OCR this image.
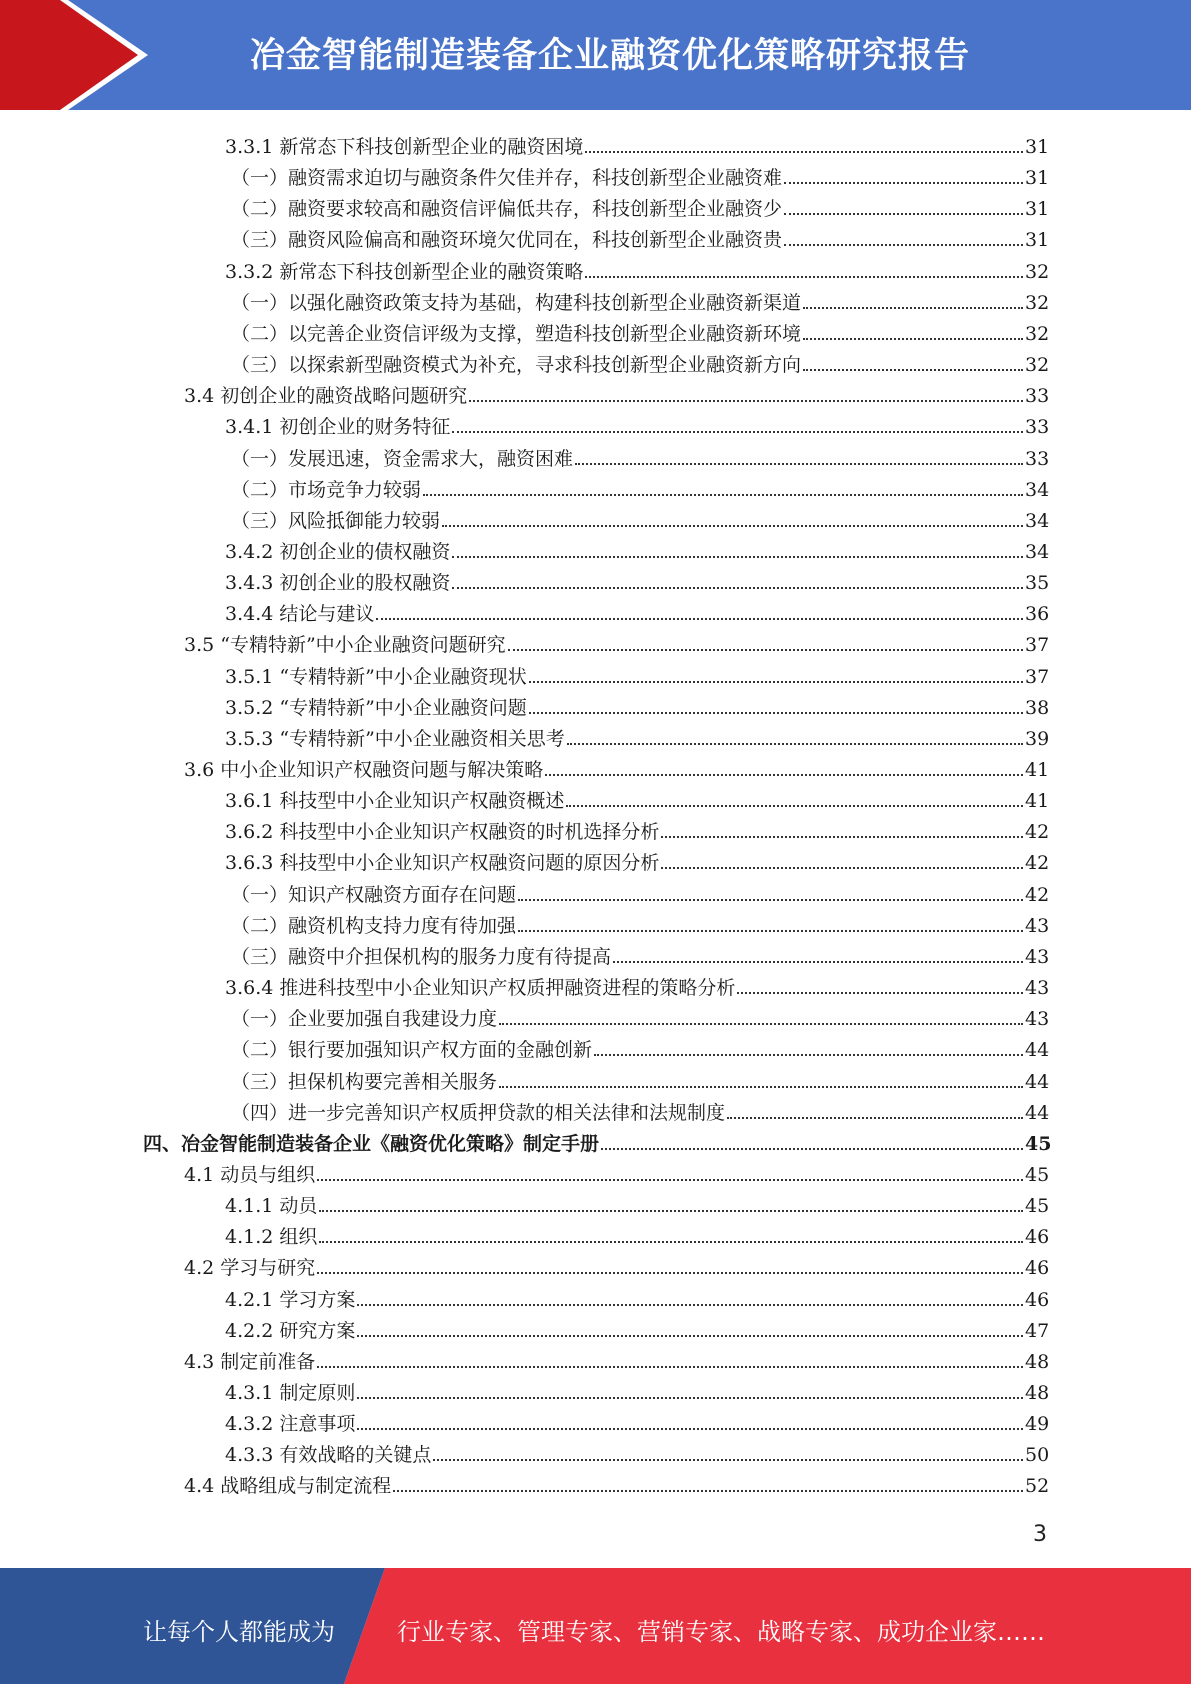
冶金智能制造装备企业融资优化策略研究报告
3.3.1 新常态下科技创新型企业的融资困境	31
（一）融资需求迫切与融资条件欠佳并存，科技创新型企业融资难	31
（二）融资要求较高和融资信评偏低共存，科技创新型企业融资少	31
（三）融资风险偏高和融资环境欠优同在，科技创新型企业融资贵	31
3.3.2 新常态下科技创新型企业的融资策略	32
（一）以强化融资政策支持为基础，构建科技创新型企业融资新渠道	32
（二）以完善企业资信评级为支撑，塑造科技创新型企业融资新环境	32
（三）以探索新型融资模式为补充，寻求科技创新型企业融资新方向	32
3.4 初创企业的融资战略问题研究	33
3.4.1 初创企业的财务特征	33
（一）发展迅速，资金需求大，融资困难	33
（二）市场竞争力较弱	34
（三）风险抵御能力较弱	34
3.4.2 初创企业的债权融资	34
3.4.3 初创企业的股权融资	35
3.4.4 结论与建议	36
3.5 “专精特新”中小企业融资问题研究	37
3.5.1 “专精特新”中小企业融资现状	37
3.5.2 “专精特新”中小企业融资问题	38
3.5.3 “专精特新”中小企业融资相关思考	39
3.6 中小企业知识产权融资问题与解决策略	41
3.6.1 科技型中小企业知识产权融资概述	41
3.6.2 科技型中小企业知识产权融资的时机选择分析	42
3.6.3 科技型中小企业知识产权融资问题的原因分析	42
（一）知识产权融资方面存在问题	42
（二）融资机构支持力度有待加强	43
（三）融资中介担保机构的服务力度有待提高	43
3.6.4 推进科技型中小企业知识产权质押融资进程的策略分析	43
（一）企业要加强自我建设力度	43
（二）银行要加强知识产权方面的金融创新	44
（三）担保机构要完善相关服务	44
（四）进一步完善知识产权质押贷款的相关法律和法规制度	44
四、冶金智能制造装备企业《融资优化策略》制定手册	45
4.1 动员与组织	45
4.1.1 动员	45
4.1.2 组织	46
4.2 学习与研究	46
4.2.1 学习方案	46
4.2.2 研究方案	47
4.3 制定前准备	48
4.3.1 制定原则	48
4.3.2 注意事项	49
4.3.3 有效战略的关键点	50
4.4 战略组成与制定流程	52
3
让每个人都能成为	行业专家、管理专家、营销专家、战略专家、成功企业家……
